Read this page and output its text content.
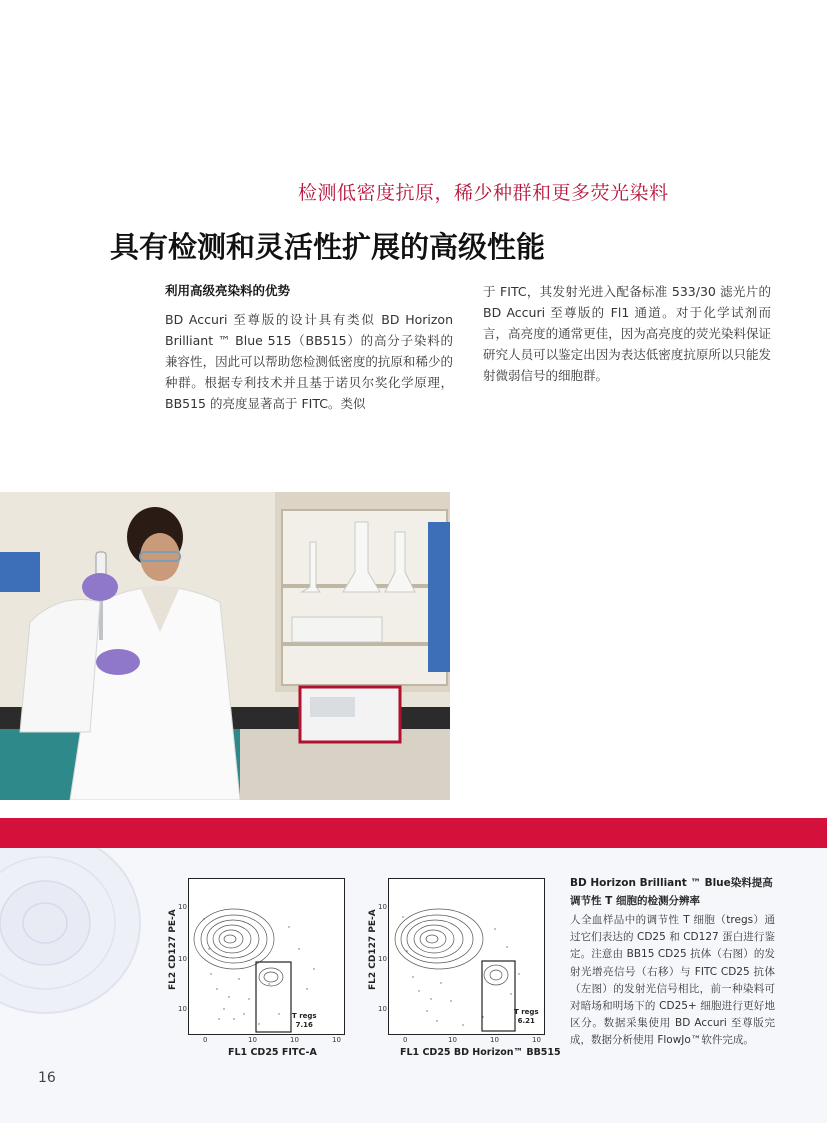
检测低密度抗原，稀少种群和更多荧光染料
具有检测和灵活性扩展的高级性能
利用高级亮染料的优势
BD Accuri 至尊版的设计具有类似 BD Horizon Brilliant ™ Blue 515（BB515）的高分子染料的兼容性，因此可以帮助您检测低密度的抗原和稀少的种群。根据专利技术并且基于诺贝尔奖化学原理，BB515 的亮度显著高于 FITC。类似
于 FITC，其发射光进入配备标准 533/30 滤光片的 BD Accuri 至尊版的 Fl1 通道。对于化学试剂而言，高亮度的通常更佳，因为高亮度的荧光染料保证研究人员可以鉴定出因为表达低密度抗原所以只能发射微弱信号的细胞群。
FL2 CD127 PE-A
FL1 CD25 FITC-A
T regs
7.16
0	10	10	10
10
10
10
FL2 CD127 PE-A
FL1 CD25 BD Horizon™ BB515
T regs
6.21
0	10	10	10
10
10
10
BD Horizon Brilliant ™ Blue染料提高调节性 T 细胞的检测分辨率
人全血样品中的调节性 T 细胞（tregs）通过它们表达的 CD25 和 CD127 蛋白进行鉴定。注意由 BB15 CD25 抗体（右图）的发射光增亮信号（右移）与 FITC CD25 抗体（左图）的发射光信号相比，前一种染料可对暗场和明场下的 CD25+ 细胞进行更好地区分。数据采集使用 BD Accuri 至尊版完成，数据分析使用 FlowJo™软件完成。
16
